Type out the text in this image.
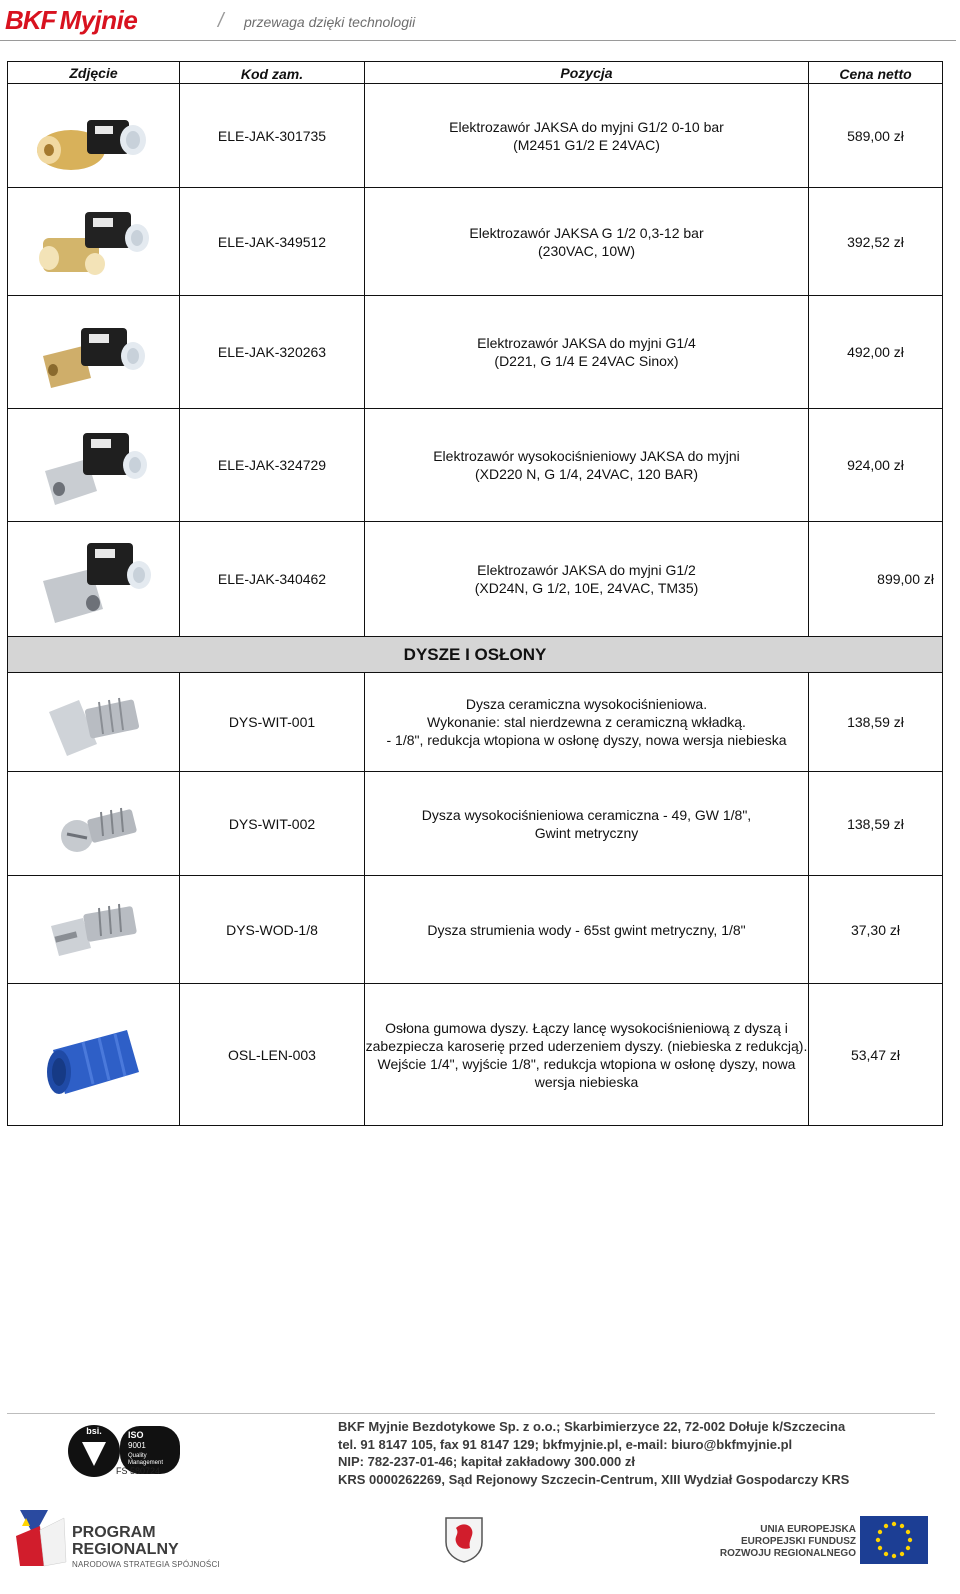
BKF Myjnie	/ przewaga dzięki technologii
Zdjęcie	Kod zam.	Pozycja	Cena netto

	ELE-JAK-301735	Elektrozawór JAKSA do myjni G1/2 0-10 bar
(M2451 G1/2 E 24VAC)	589,00 zł

	ELE-JAK-349512	Elektrozawór JAKSA G 1/2 0,3-12 bar
(230VAC, 10W)	392,52 zł

	ELE-JAK-320263	Elektrozawór JAKSA do myjni G1/4
(D221, G 1/4 E 24VAC Sinox)	492,00 zł

	ELE-JAK-324729	Elektrozawór wysokociśnieniowy JAKSA do myjni
(XD220 N, G 1/4, 24VAC, 120 BAR)	924,00 zł

	ELE-JAK-340462	Elektrozawór JAKSA do myjni G1/2
(XD24N, G 1/2, 10E, 24VAC, TM35)	899,00 zł
DYSZE I OSŁONY			

	DYS-WIT-001	Dysza ceramiczna wysokociśnieniowa.
Wykonanie: stal nierdzewna z ceramiczną wkładką.
- 1/8", redukcja wtopiona w osłonę dyszy, nowa wersja niebieska	138,59 zł

	DYS-WIT-002	Dysza wysokociśnieniowa ceramiczna - 49, GW 1/8",
Gwint metryczny	138,59 zł

	DYS-WOD-1/8	Dysza strumienia wody - 65st gwint metryczny, 1/8"	37,30 zł

	OSL-LEN-003	Osłona gumowa dyszy. Łączy lancę wysokociśnieniową z dyszą i
zabezpiecza karoserię przed uderzeniem dyszy. (niebieska z redukcją).
Wejście 1/4", wyjście 1/8", redukcja wtopiona w osłonę dyszy, nowa
wersja niebieska	53,47 zł
bsi.	ISO
9001
Quality
Management
FS 580724
BKF Myjnie Bezdotykowe Sp. z o.o.; Skarbimierzyce 22, 72-002 Dołuje k/Szczecina
tel. 91 8147 105, fax 91 8147 129; bkfmyjnie.pl, e-mail: biuro@bkfmyjnie.pl
NIP: 782-237-01-46; kapitał zakładowy 300.000 zł
KRS 0000262269, Sąd Rejonowy Szczecin-Centrum, XIII Wydział Gospodarczy KRS
PROGRAM
REGIONALNY
NARODOWA STRATEGIA SPÓJNOŚCI
UNIA EUROPEJSKA
EUROPEJSKI FUNDUSZ
ROZWOJU REGIONALNEGO
